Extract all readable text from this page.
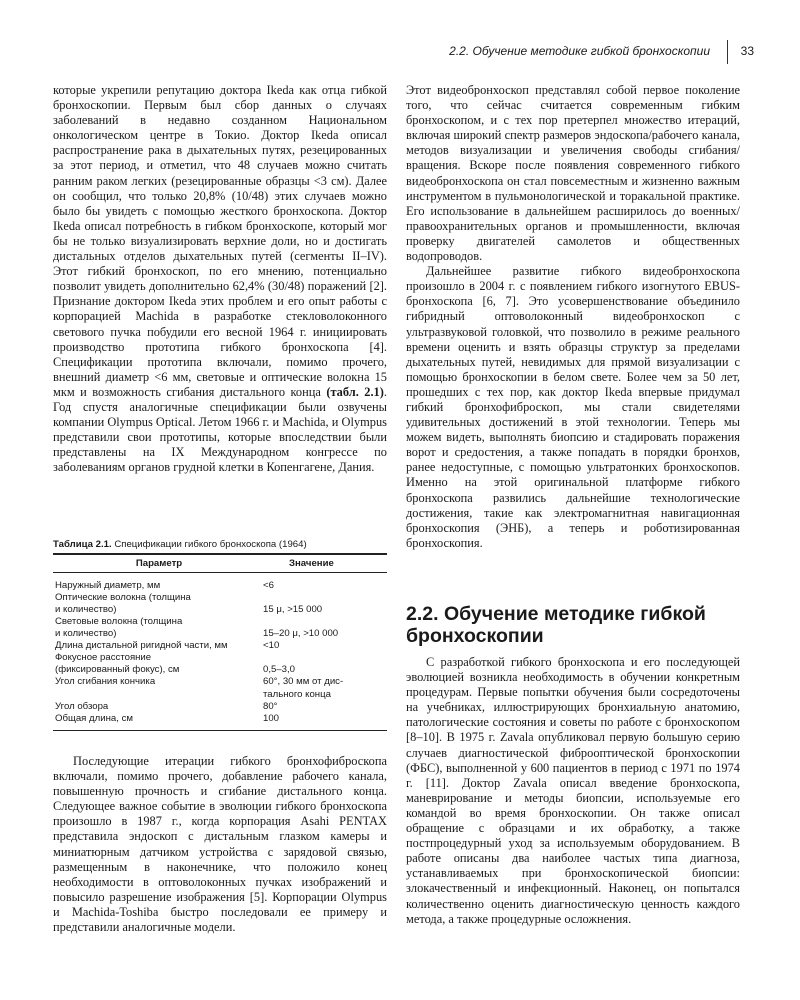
2.2. Обучение методике гибкой бронхоскопии	33

которые укрепили репутацию доктора Ikeda как отца гибкой бронхоскопии. Первым был сбор данных о случаях заболеваний в недавно созданном Национальном онкологическом центре в Токио. Доктор Ikeda описал распространение рака в дыхательных путях, резецированных за этот период, и отметил, что 48 случаев можно считать ранним раком легких (резецированные образцы <3 см). Далее он сообщил, что только 20,8% (10/48) этих случаев можно было бы увидеть с помощью жесткого бронхоскопа. Доктор Ikeda описал потребность в гибком бронхоскопе, который мог бы не только визуализировать верхние доли, но и достигать дистальных отделов дыхательных путей (сегменты II–IV). Этот гибкий бронхоскоп, по его мнению, потенциально позволит увидеть дополнительно 62,4% (30/48) поражений [2]. Признание доктором Ikeda этих проблем и его опыт работы с корпорацией Machida в разработке стекловолоконного светового пучка побудили его весной 1964 г. инициировать производство прототипа гибкого бронхоскопа [4]. Спецификации прототипа включали, помимо прочего, внешний диаметр <6 мм, световые и оптические волокна 15 мкм и возможность сгибания дистального конца (табл. 2.1). Год спустя аналогичные спецификации были озвучены компании Olympus Optical. Летом 1966 г. и Machida, и Olympus представили свои прототипы, которые впоследствии были представлены на IX Международном конгрессе по заболеваниям органов грудной клетки в Копенгагене, Дания.

Таблица 2.1. Спецификации гибкого бронхоскопа (1964)
Параметр	Значение
Наружный диаметр, мм	<6
Оптические волокна (толщина
и количество)	15 μ, >15 000
Световые волокна (толщина
и количество)	15–20 μ, >10 000
Длина дистальной ригидной части, мм	<10
Фокусное расстояние
(фиксированный фокус), см	0,5–3,0
Угол сгибания кончика	60°, 30 мм от дис-
тального конца
Угол обзора	80°
Общая длина, см	100

Последующие итерации гибкого бронхофиброскопа включали, помимо прочего, добавление рабочего канала, повышенную прочность и сгибание дистального конца. Следующее важное событие в эволюции гибкого бронхоскопа произошло в 1987 г., когда корпорация Asahi PENTAX представила эндоскоп с дистальным глазком камеры и миниатюрным датчиком устройства с зарядовой связью, размещенным в наконечнике, что положило конец необходимости в оптоволоконных пучках изображений и повысило разрешение изображения [5]. Корпорации Olympus и Machida-Toshiba быстро последовали ее примеру и представили аналогичные модели.

Этот видеобронхоскоп представлял собой первое поколение того, что сейчас считается современным гибким бронхоскопом, и с тех пор претерпел множество итераций, включая широкий спектр размеров эндоскопа/рабочего канала, методов визуализации и увеличения свободы сгибания/вращения. Вскоре после появления современного гибкого видеобронхоскопа он стал повсеместным и жизненно важным инструментом в пульмонологической и торакальной практике. Его использование в дальнейшем расширилось до военных/правоохранительных органов и промышленности, включая проверку двигателей самолетов и общественных водопроводов.

Дальнейшее развитие гибкого видеобронхоскопа произошло в 2004 г. с появлением гибкого изогнутого EBUS-бронхоскопа [6, 7]. Это усовершенствование объединило гибридный оптоволоконный видеобронхоскоп с ультразвуковой головкой, что позволило в режиме реального времени оценить и взять образцы структур за пределами дыхательных путей, невидимых для прямой визуализации с помощью бронхоскопии в белом свете. Более чем за 50 лет, прошедших с тех пор, как доктор Ikeda впервые придумал гибкий бронхофиброскоп, мы стали свидетелями удивительных достижений в этой технологии. Теперь мы можем видеть, выполнять биопсию и стадировать поражения ворот и средостения, а также попадать в порядки бронхов, ранее недоступные, с помощью ультратонких бронхоскопов. Именно на этой оригинальной платформе гибкого бронхоскопа развились дальнейшие технологические достижения, такие как электромагнитная навигационная бронхоскопия (ЭНБ), а теперь и роботизированная бронхоскопия.

2.2. Обучение методике гибкой бронхоскопии

С разработкой гибкого бронхоскопа и его последующей эволюцией возникла необходимость в обучении конкретным процедурам. Первые попытки обучения были сосредоточены на учебниках, иллюстрирующих бронхиальную анатомию, патологические состояния и советы по работе с бронхоскопом [8–10]. В 1975 г. Zavala опубликовал первую большую серию случаев диагностической фиброоптической бронхоскопии (ФБС), выполненной у 600 пациентов в период с 1971 по 1974 г. [11]. Доктор Zavala описал введение бронхоскопа, маневрирование и методы биопсии, используемые его командой во время бронхоскопии. Он также описал обращение с образцами и их обработку, а также постпроцедурный уход за используемым оборудованием. В работе описаны два наиболее частых типа диагноза, устанавливаемых при бронхоскопической биопсии: злокачественный и инфекционный. Наконец, он попытался количественно оценить диагностическую ценность каждого метода, а также процедурные осложнения.
